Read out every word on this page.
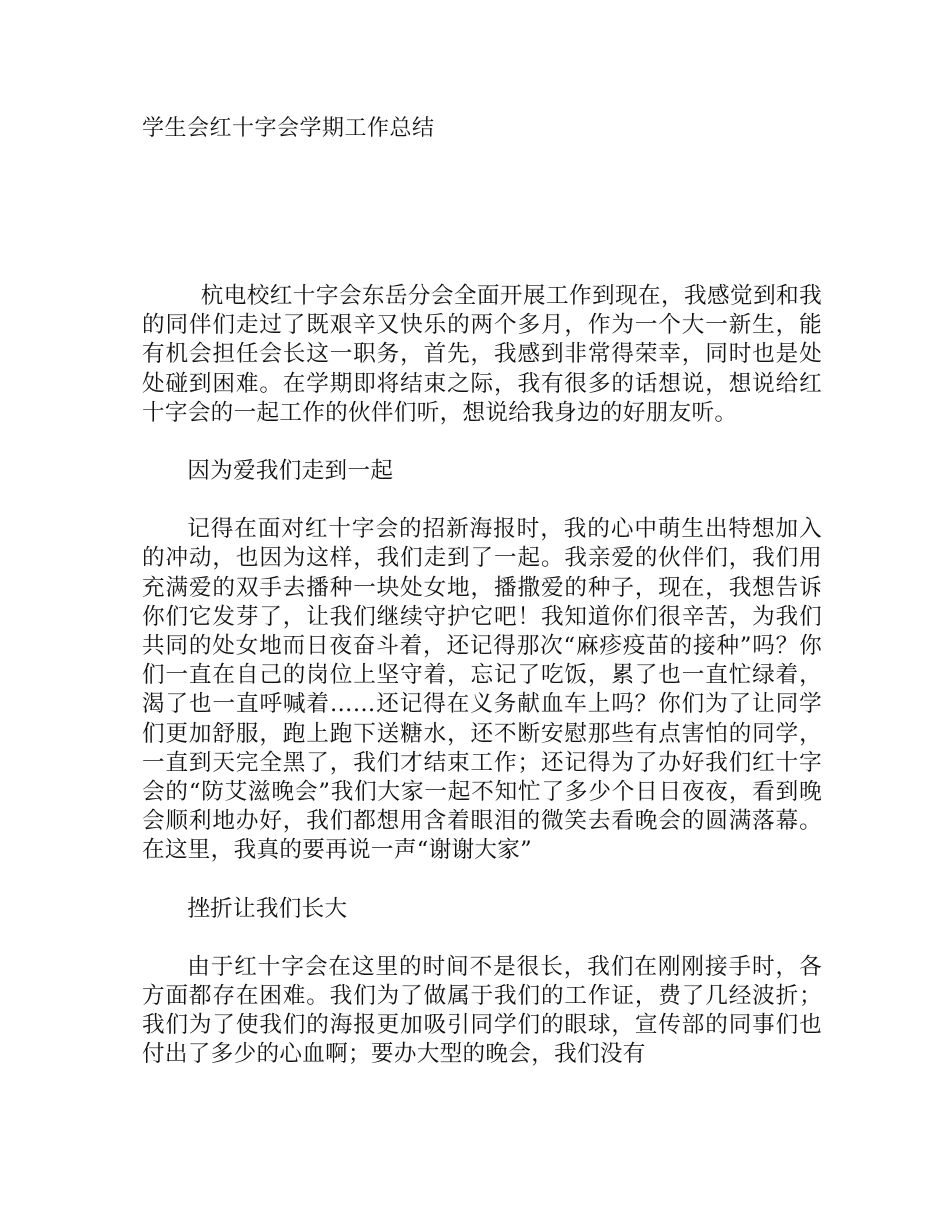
学生会红十字会学期工作总结

杭电校红十字会东岳分会全面开展工作到现在，我感觉到和我的同伴们走过了既艰辛又快乐的两个多月，作为一个大一新生，能有机会担任会长这一职务，首先，我感到非常得荣幸，同时也是处处碰到困难。在学期即将结束之际，我有很多的话想说，想说给红十字会的一起工作的伙伴们听，想说给我身边的好朋友听。

因为爱我们走到一起

记得在面对红十字会的招新海报时，我的心中萌生出特想加入的冲动，也因为这样，我们走到了一起。我亲爱的伙伴们，我们用充满爱的双手去播种一块处女地，播撒爱的种子，现在，我想告诉你们它发芽了，让我们继续守护它吧！我知道你们很辛苦，为我们共同的处女地而日夜奋斗着，还记得那次“麻疹疫苗的接种”吗？你们一直在自己的岗位上坚守着，忘记了吃饭，累了也一直忙绿着，渴了也一直呼喊着……还记得在义务献血车上吗？你们为了让同学们更加舒服，跑上跑下送糖水，还不断安慰那些有点害怕的同学，一直到天完全黑了，我们才结束工作；还记得为了办好我们红十字会的“防艾滋晚会”我们大家一起不知忙了多少个日日夜夜，看到晚会顺利地办好，我们都想用含着眼泪的微笑去看晚会的圆满落幕。在这里，我真的要再说一声“谢谢大家”

挫折让我们长大

由于红十字会在这里的时间不是很长，我们在刚刚接手时，各方面都存在困难。我们为了做属于我们的工作证，费了几经波折；我们为了使我们的海报更加吸引同学们的眼球，宣传部的同事们也付出了多少的心血啊；要办大型的晚会，我们没有
